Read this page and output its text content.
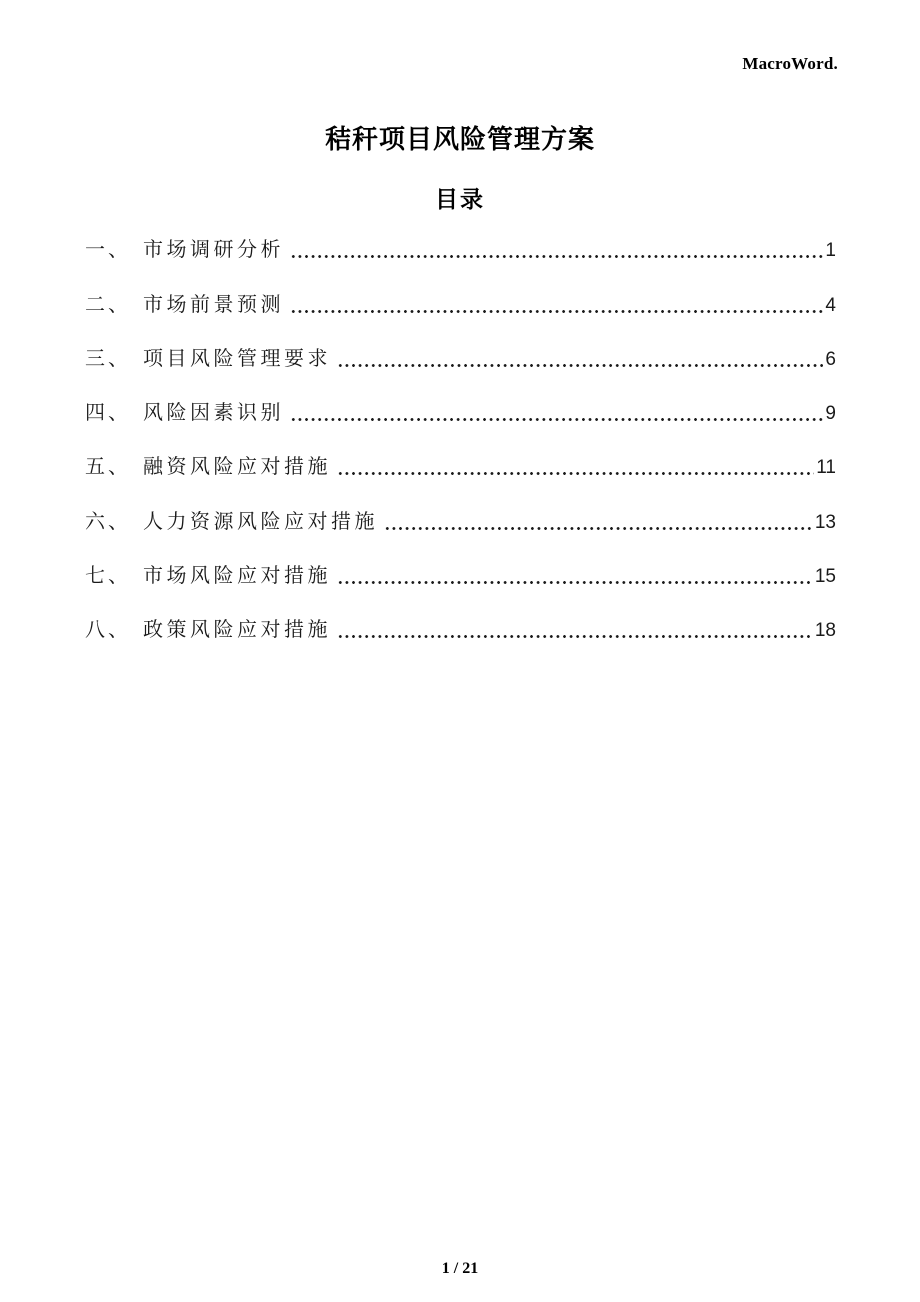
MacroWord.
秸秆项目风险管理方案
目录
一、 市场调研分析	1
二、 市场前景预测	4
三、 项目风险管理要求	6
四、 风险因素识别	9
五、 融资风险应对措施	11
六、 人力资源风险应对措施	13
七、 市场风险应对措施	15
八、 政策风险应对措施	18
1 / 21
